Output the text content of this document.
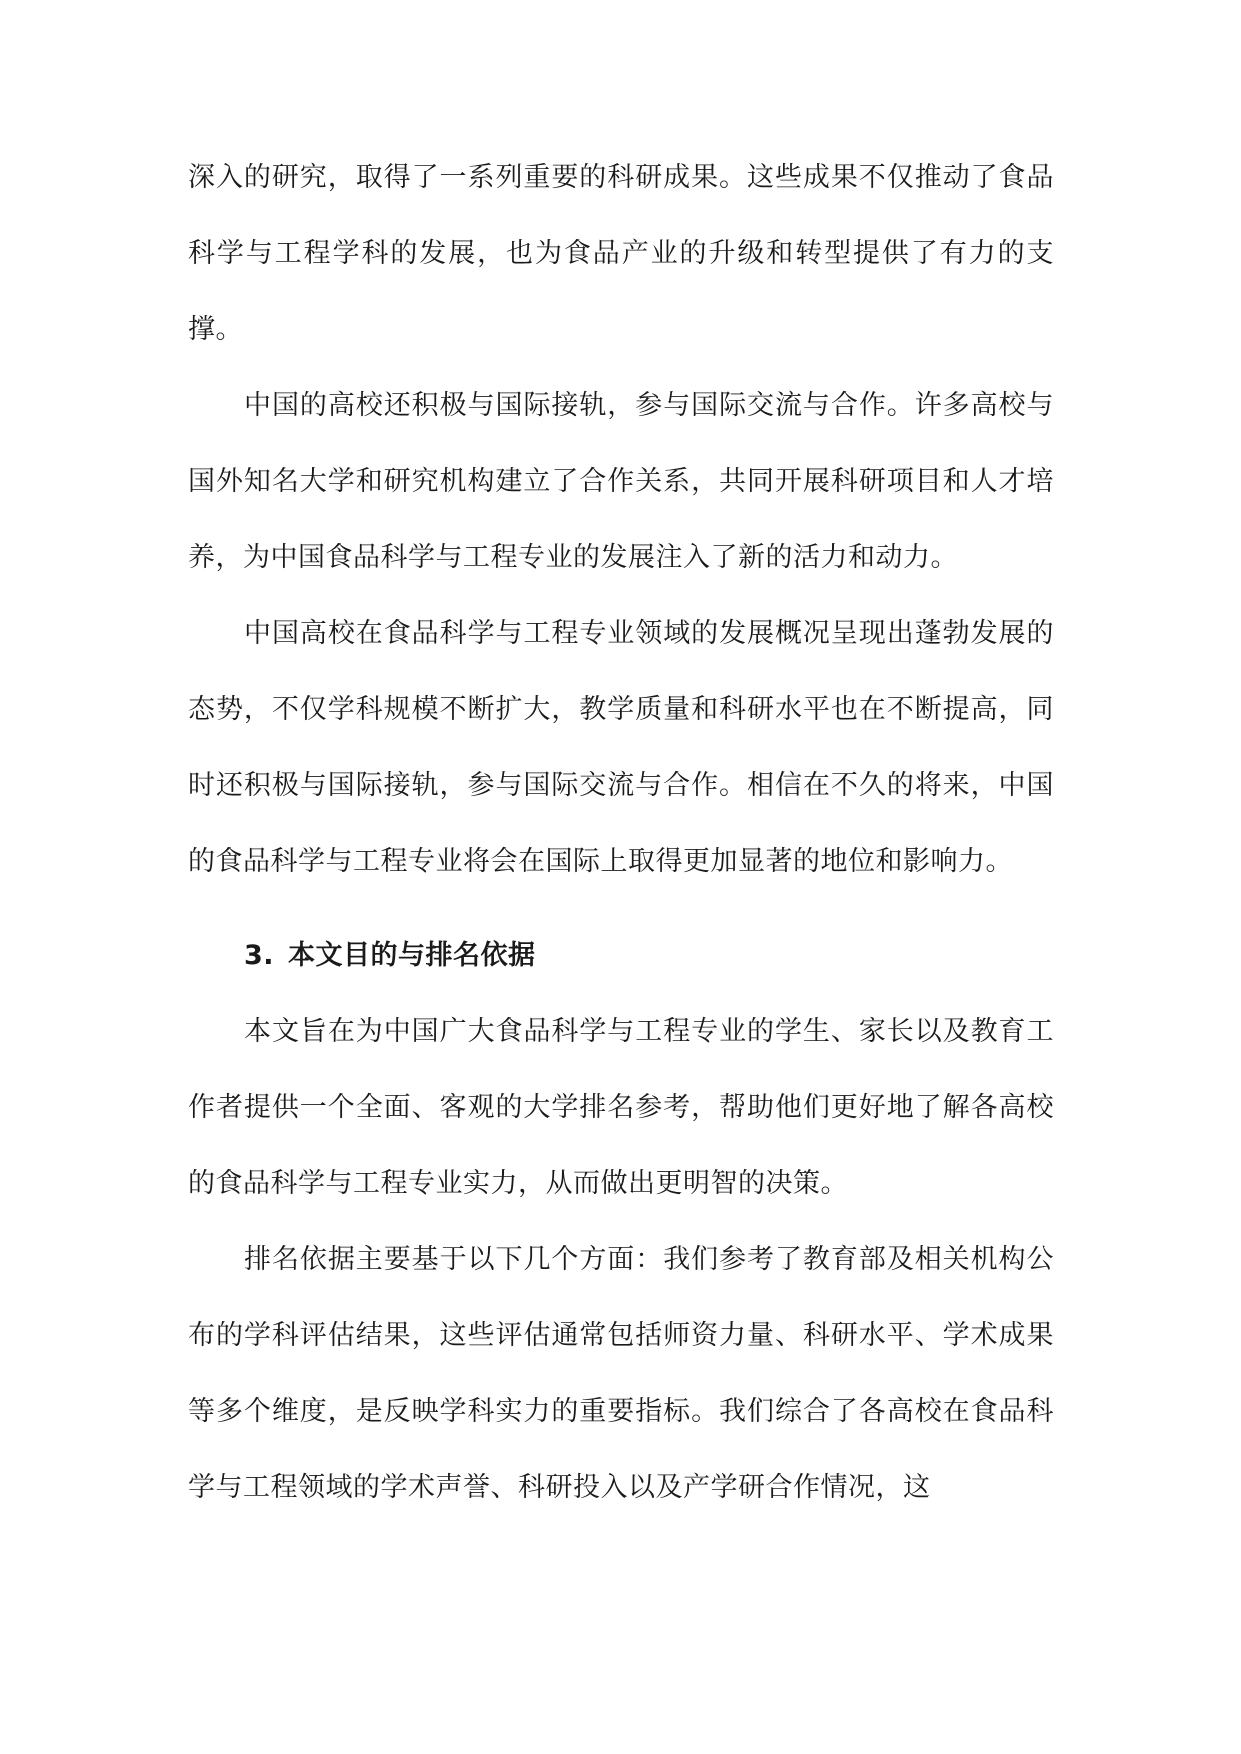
深入的研究，取得了一系列重要的科研成果。这些成果不仅推动了食品科学与工程学科的发展，也为食品产业的升级和转型提供了有力的支撑。

中国的高校还积极与国际接轨，参与国际交流与合作。许多高校与国外知名大学和研究机构建立了合作关系，共同开展科研项目和人才培养，为中国食品科学与工程专业的发展注入了新的活力和动力。

中国高校在食品科学与工程专业领域的发展概况呈现出蓬勃发展的态势，不仅学科规模不断扩大，教学质量和科研水平也在不断提高，同时还积极与国际接轨，参与国际交流与合作。相信在不久的将来，中国的食品科学与工程专业将会在国际上取得更加显著的地位和影响力。

3. 本文目的与排名依据

本文旨在为中国广大食品科学与工程专业的学生、家长以及教育工作者提供一个全面、客观的大学排名参考，帮助他们更好地了解各高校的食品科学与工程专业实力，从而做出更明智的决策。

排名依据主要基于以下几个方面：我们参考了教育部及相关机构公布的学科评估结果，这些评估通常包括师资力量、科研水平、学术成果等多个维度，是反映学科实力的重要指标。我们综合了各高校在食品科学与工程领域的学术声誉、科研投入以及产学研合作情况，这
